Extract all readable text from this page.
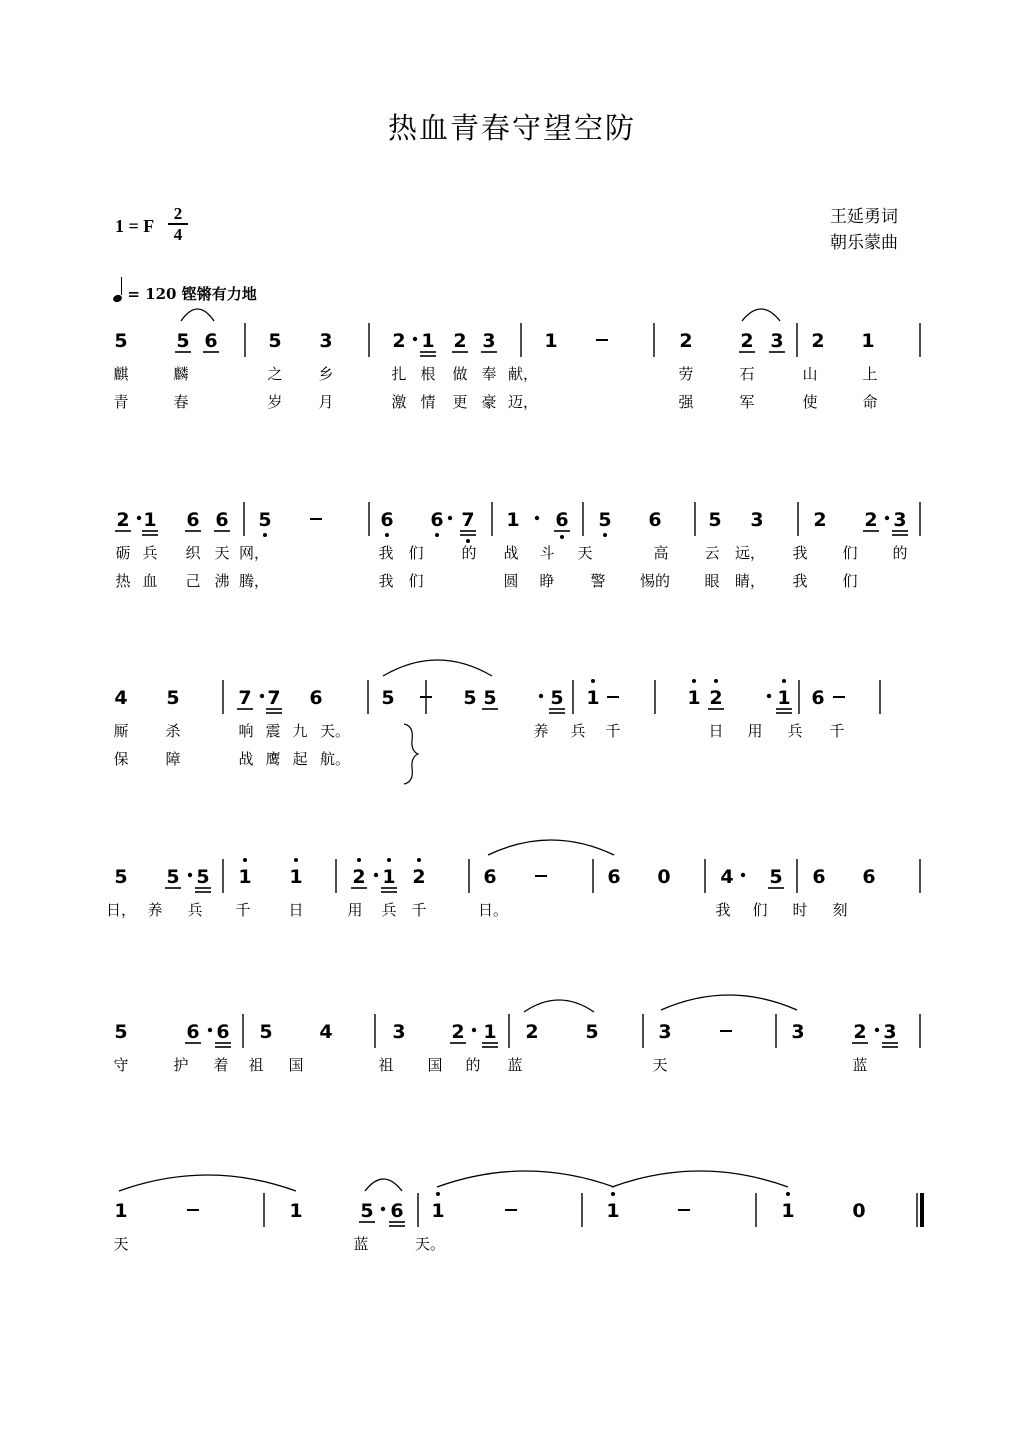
热血青春守望空防
1 = F
2
4
王延勇词
朝乐蒙曲
= 120 铿锵有力地
5	5 6	5 3	2 1 2 3	1	2	2 3 2 1
麒	麟	之 乡	扎 根 做 奉 献，	劳	石	山	上
青	春	岁 月	激 情 更 豪 迈，	强	军	使	命
2 1 6 6 5	6 6 7 1 6 5 6 5 3	2 2 3
砺 兵 织 天 网，	我 们	的 战 斗 天	高 云 远， 我 们 的
热 血 己 沸 腾，	我 们	圆 睁 警 惕的 眼 睛， 我 们
4 5	7 7 6	5	5 5	5 1	1 2	1 6
厮 杀	响 震 九 天。	养 兵 千	日 用 兵 千
保 障	战 鹰 起 航。
5 5 5 1 1	2 1 2	6	6 0	4 5 6 6
日， 养 兵 千	日	用 兵 千	日。	我 们 时 刻
5	6 6 5 4	3 2 1 2 5	3	3	2 3
守	护 着 祖 国	祖 国 的 蓝	天	蓝
1	1	5 6 1	1	1	0
天	蓝	天。
